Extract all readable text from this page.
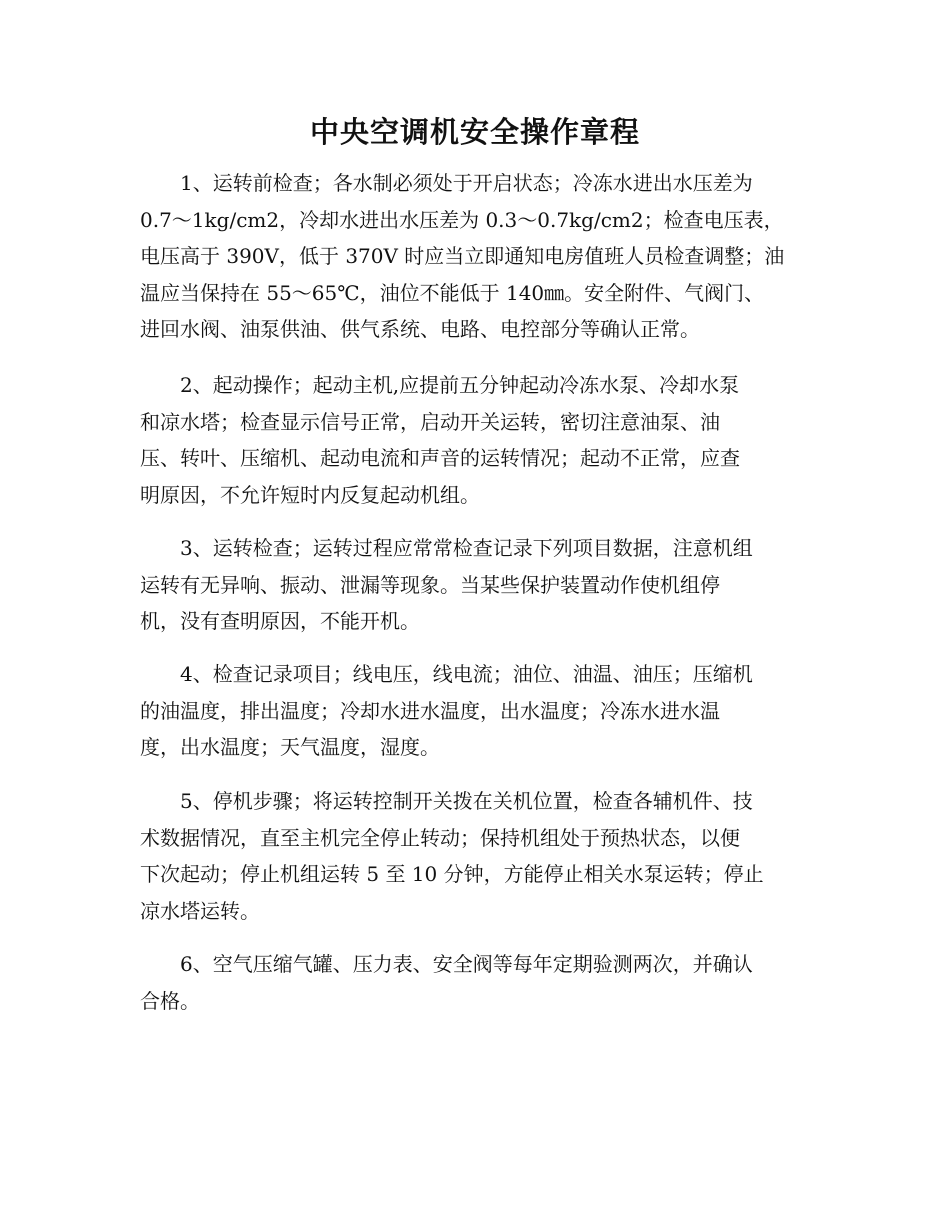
中央空调机安全操作章程

1、运转前检查；各水制必须处于开启状态；冷冻水进出水压差为
0.7～1kg/cm2，冷却水进出水压差为 0.3～0.7kg/cm2；检查电压表，
电压高于 390V，低于 370V 时应当立即通知电房值班人员检查调整；油
温应当保持在 55～65℃，油位不能低于 140㎜。安全附件、气阀门、
进回水阀、油泵供油、供气系统、电路、电控部分等确认正常。

2、起动操作；起动主机,应提前五分钟起动冷冻水泵、冷却水泵
和凉水塔；检查显示信号正常，启动开关运转，密切注意油泵、油
压、转叶、压缩机、起动电流和声音的运转情况；起动不正常，应查
明原因，不允许短时内反复起动机组。

3、运转检查；运转过程应常常检查记录下列项目数据，注意机组
运转有无异响、振动、泄漏等现象。当某些保护装置动作使机组停
机，没有查明原因，不能开机。

4、检查记录项目；线电压，线电流；油位、油温、油压；压缩机
的油温度，排出温度；冷却水进水温度，出水温度；冷冻水进水温
度，出水温度；天气温度，湿度。

5、停机步骤；将运转控制开关拨在关机位置，检查各辅机件、技
术数据情况，直至主机完全停止转动；保持机组处于预热状态，以便
下次起动；停止机组运转 5 至 10 分钟，方能停止相关水泵运转；停止
凉水塔运转。

6、空气压缩气罐、压力表、安全阀等每年定期验测两次，并确认
合格。
